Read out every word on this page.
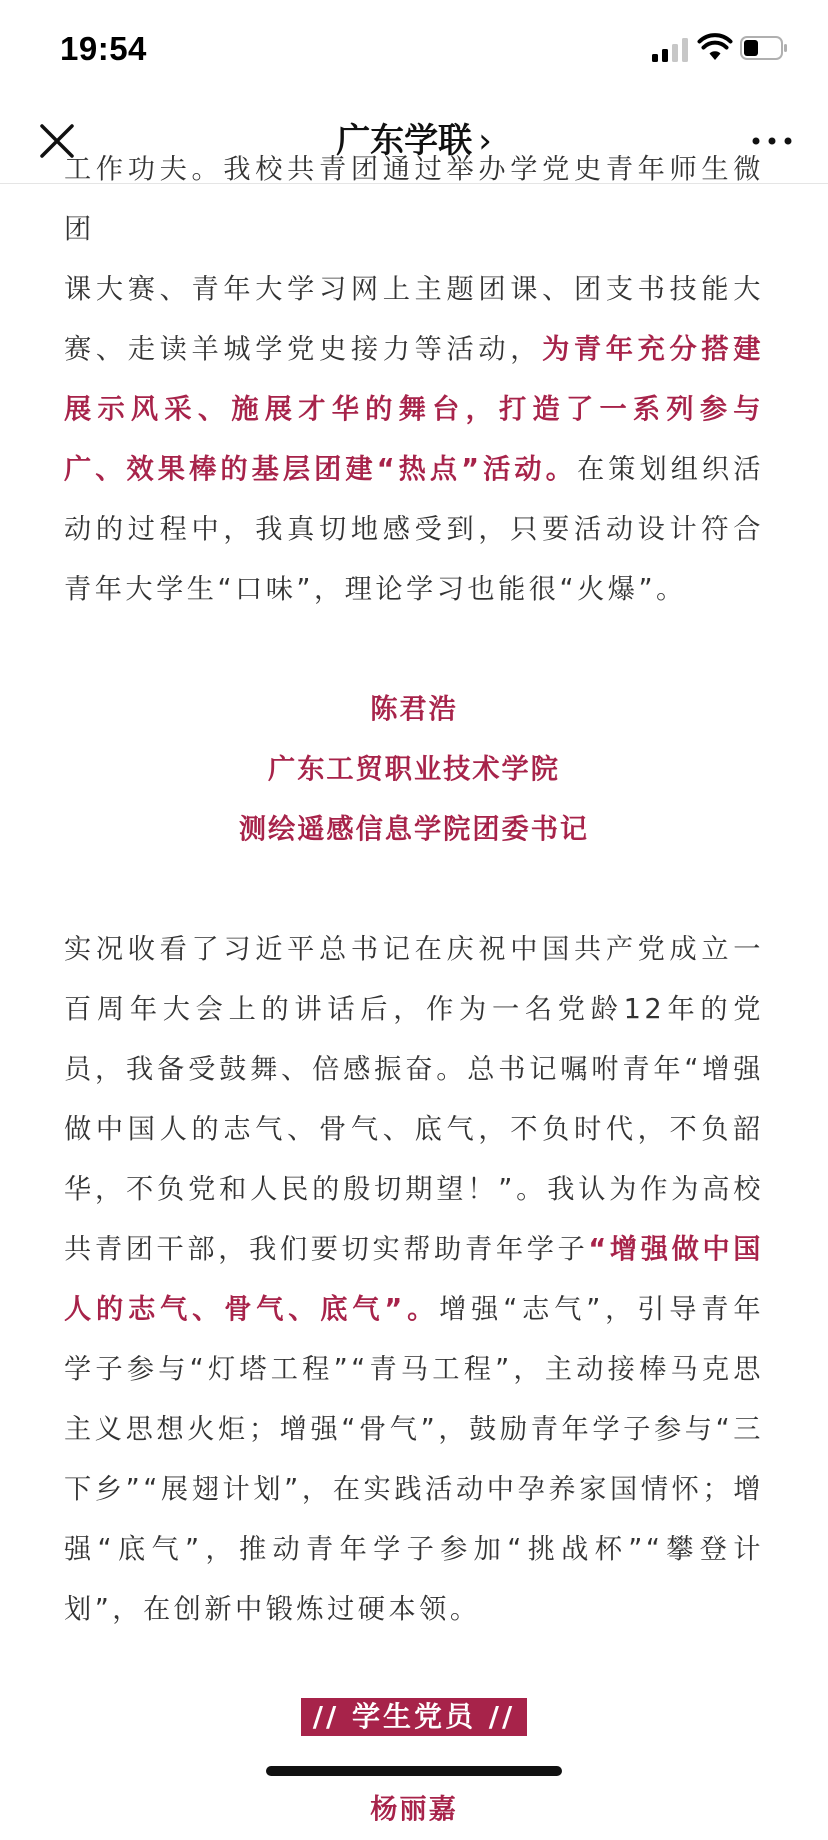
19:54
广东学联 ›

工作功夫。我校共青团通过举办学党史青年师生微团

课大赛、青年大学习网上主题团课、团支书技能大赛、走读羊城学党史接力等活动，为青年充分搭建展示风采、施展才华的舞台，打造了一系列参与广、效果棒的基层团建“热点”活动。在策划组织活动的过程中，我真切地感受到，只要活动设计符合青年大学生“口味”，理论学习也能很“火爆”。

陈君浩
广东工贸职业技术学院
测绘遥感信息学院团委书记

实况收看了习近平总书记在庆祝中国共产党成立一百周年大会上的讲话后，作为一名党龄12年的党员，我备受鼓舞、倍感振奋。总书记嘱咐青年“增强做中国人的志气、骨气、底气，不负时代，不负韶华，不负党和人民的殷切期望！”。我认为作为高校共青团干部，我们要切实帮助青年学子“增强做中国人的志气、骨气、底气”。增强“志气”，引导青年学子参与“灯塔工程”“青马工程”，主动接棒马克思主义思想火炬；增强“骨气”，鼓励青年学子参与“三下乡”“展翅计划”，在实践活动中孕养家国情怀；增强“底气”，推动青年学子参加“挑战杯”“攀登计划”，在创新中锻炼过硬本领。

// 学生党员 //
杨丽嘉
